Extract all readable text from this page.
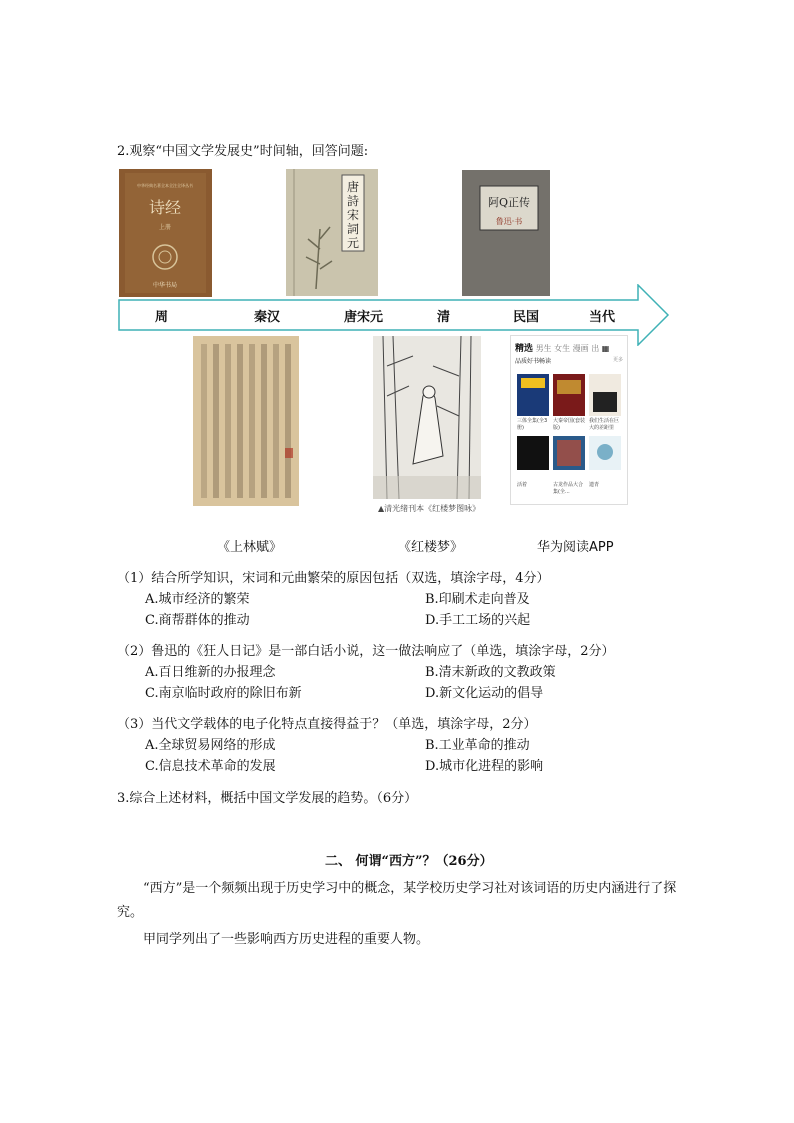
2.观察“中国文学发展史”时间轴，回答问题:
中华经典名著全本全注全译丛书
诗经
上册
中华书局
唐
詩
宋
詞
元
阿Q正传
鲁迅·书
周	秦汉	唐宋元	清	民国	当代
▲清光绪刊本《红楼梦图咏》
精选 男生 女生 漫画 出 ▦
品质好书畅读	更多
三体全集(全3册)
大秦帝国(套装版)
我们生活在巨大的差距里
活着	古龙作品大合集(全...
遗青
《上林赋》	《红楼梦》	华为阅读APP
（1）结合所学知识，宋词和元曲繁荣的原因包括（双选，填涂字母，4分）
A.城市经济的繁荣	B.印刷术走向普及
C.商帮群体的推动	D.手工工场的兴起
（2）鲁迅的《狂人日记》是一部白话小说，这一做法响应了（单选，填涂字母，2分）
A.百日维新的办报理念	B.清末新政的文教政策
C.南京临时政府的除旧布新	D.新文化运动的倡导
（3）当代文学载体的电子化特点直接得益于？（单选，填涂字母，2分）
A.全球贸易网络的形成	B.工业革命的推动
C.信息技术革命的发展	D.城市化进程的影响
3.综合上述材料，概括中国文学发展的趋势。（6分）
二、 何谓“西方”？（26分）
“西方”是一个频频出现于历史学习中的概念，某学校历史学习社对该词语的历史内涵进行了探究。
甲同学列出了一些影响西方历史进程的重要人物。
